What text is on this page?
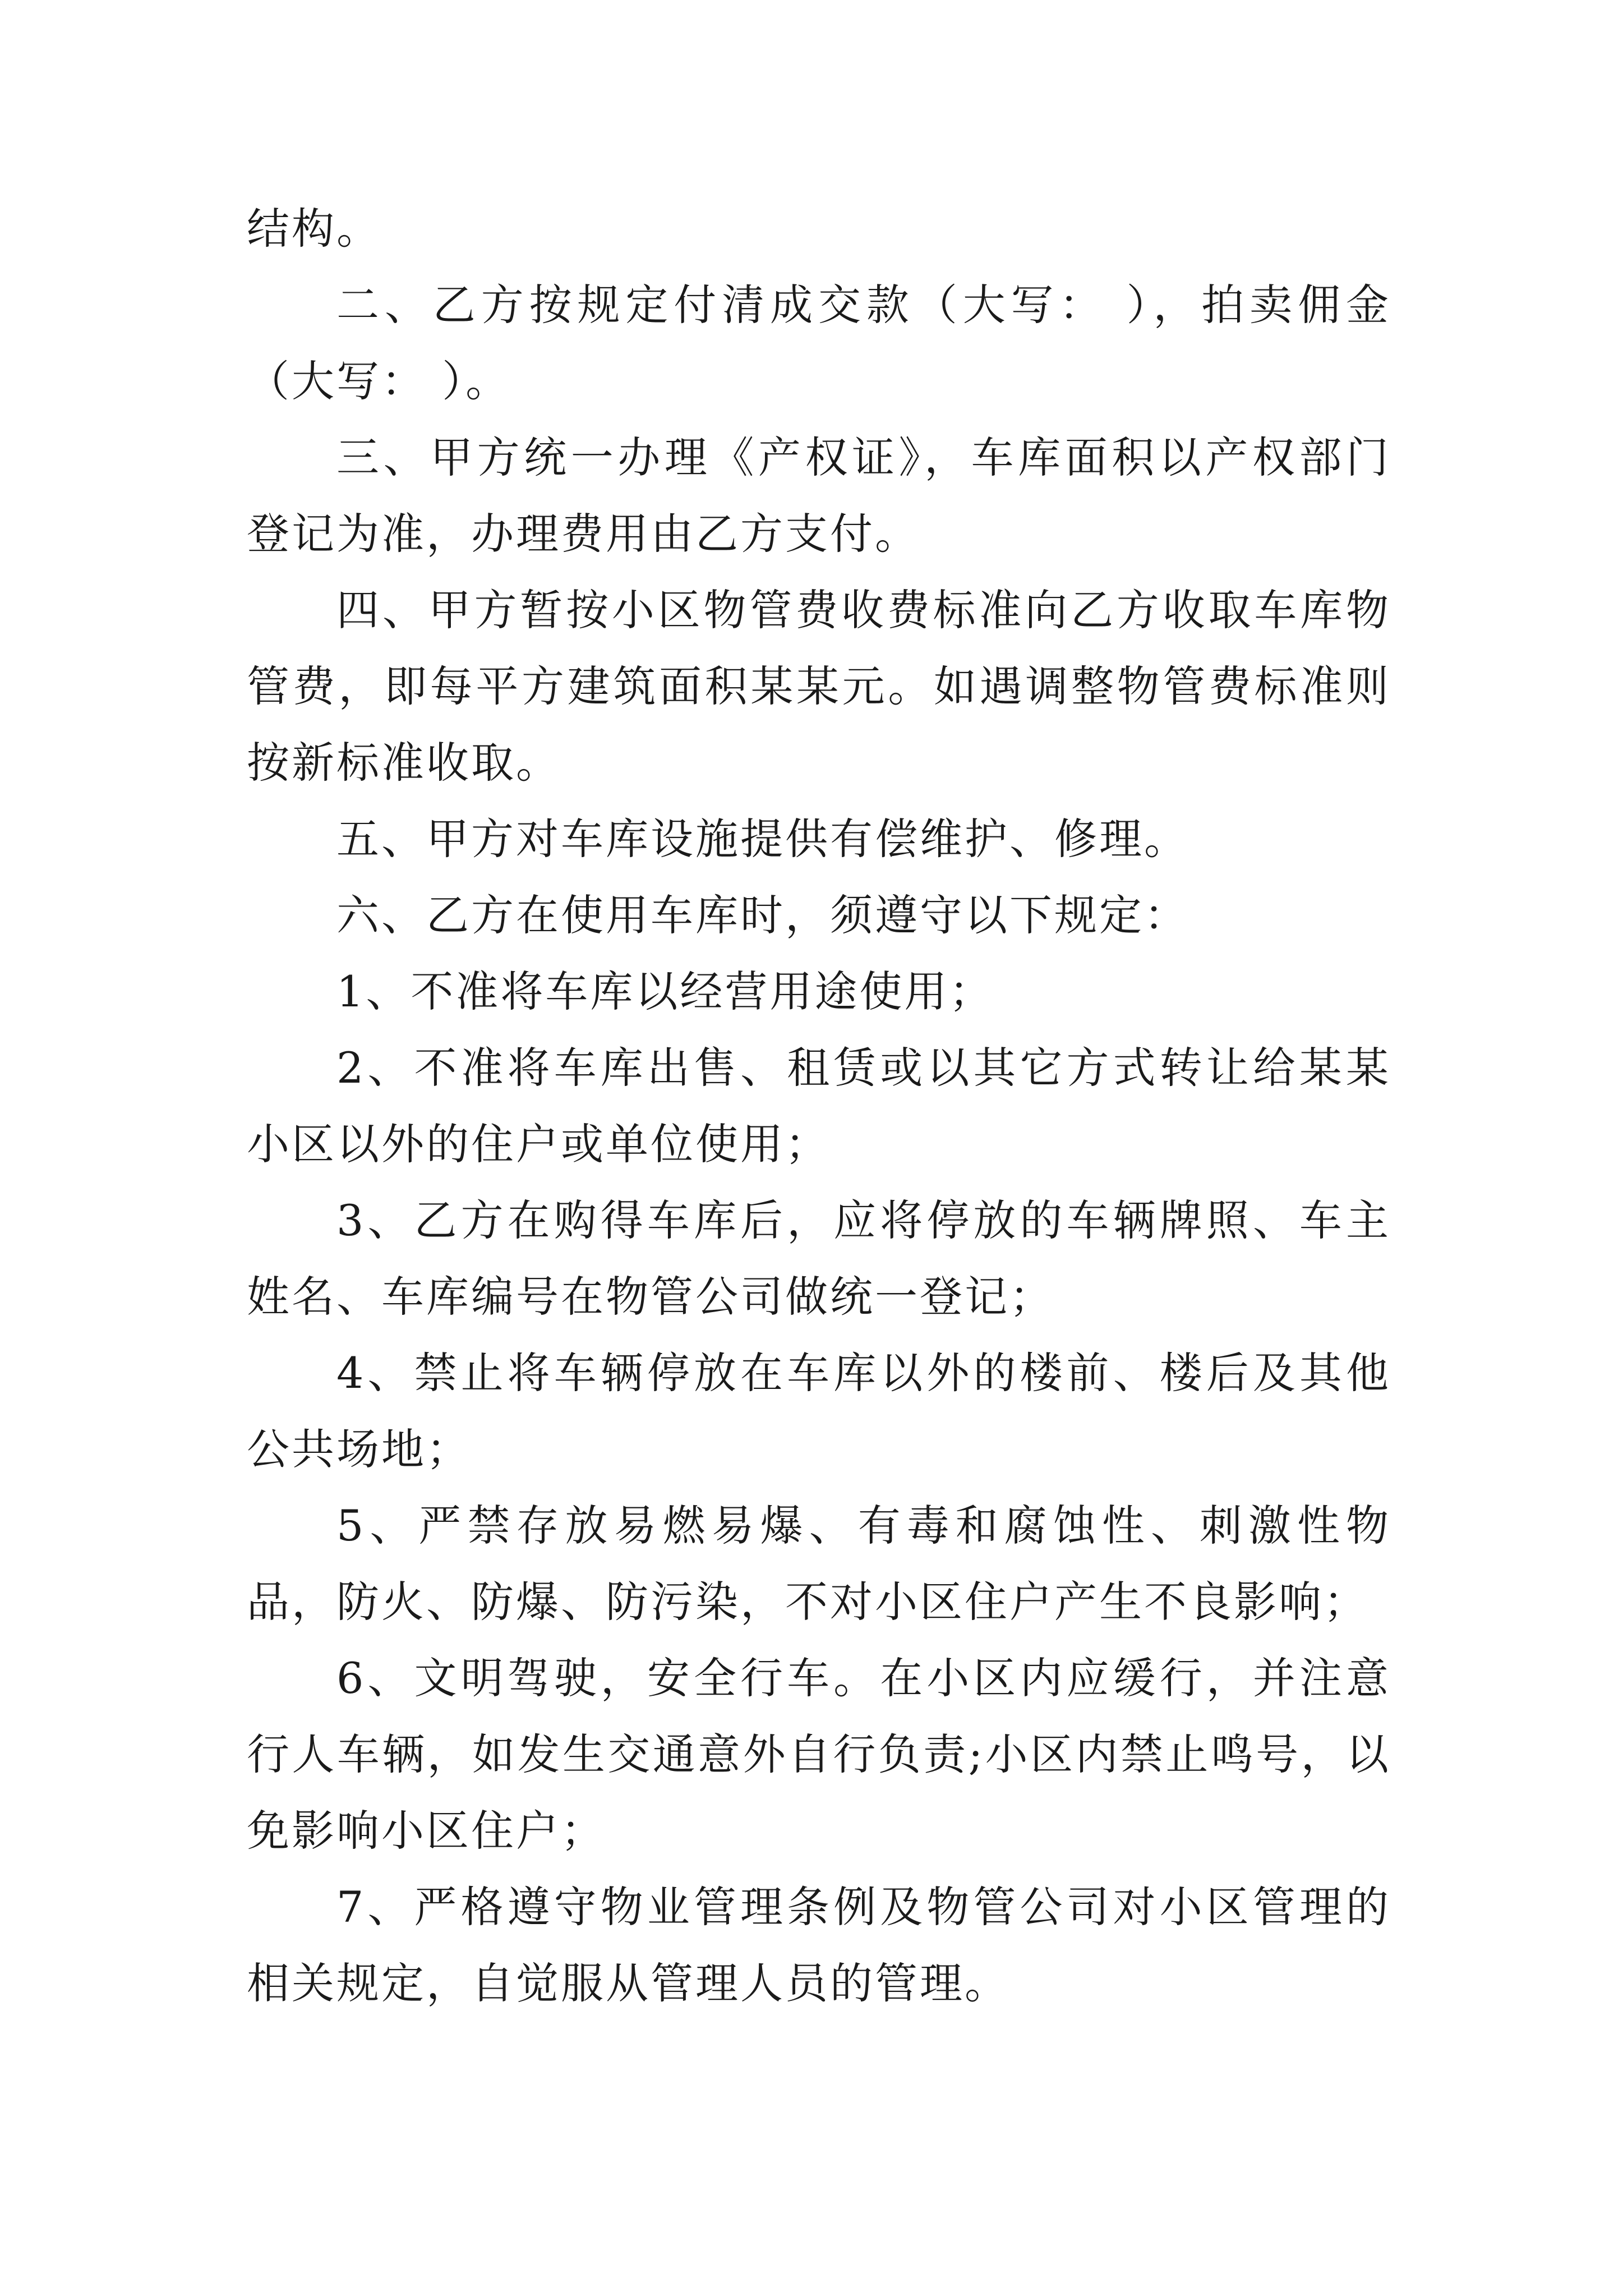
结构。

二、乙方按规定付清成交款（大写： ），拍卖佣金（大写： ）。

三、甲方统一办理《产权证》，车库面积以产权部门登记为准，办理费用由乙方支付。

四、甲方暂按小区物管费收费标准向乙方收取车库物管费，即每平方建筑面积某某元。如遇调整物管费标准则按新标准收取。

五、甲方对车库设施提供有偿维护、修理。

六、乙方在使用车库时，须遵守以下规定：

1、不准将车库以经营用途使用；

2、不准将车库出售、租赁或以其它方式转让给某某小区以外的住户或单位使用；

3、乙方在购得车库后，应将停放的车辆牌照、车主姓名、车库编号在物管公司做统一登记；

4、禁止将车辆停放在车库以外的楼前、楼后及其他公共场地；

5、严禁存放易燃易爆、有毒和腐蚀性、刺激性物品，防火、防爆、防污染，不对小区住户产生不良影响；

6、文明驾驶，安全行车。在小区内应缓行，并注意行人车辆，如发生交通意外自行负责;小区内禁止鸣号，以免影响小区住户；

7、严格遵守物业管理条例及物管公司对小区管理的相关规定，自觉服从管理人员的管理。
